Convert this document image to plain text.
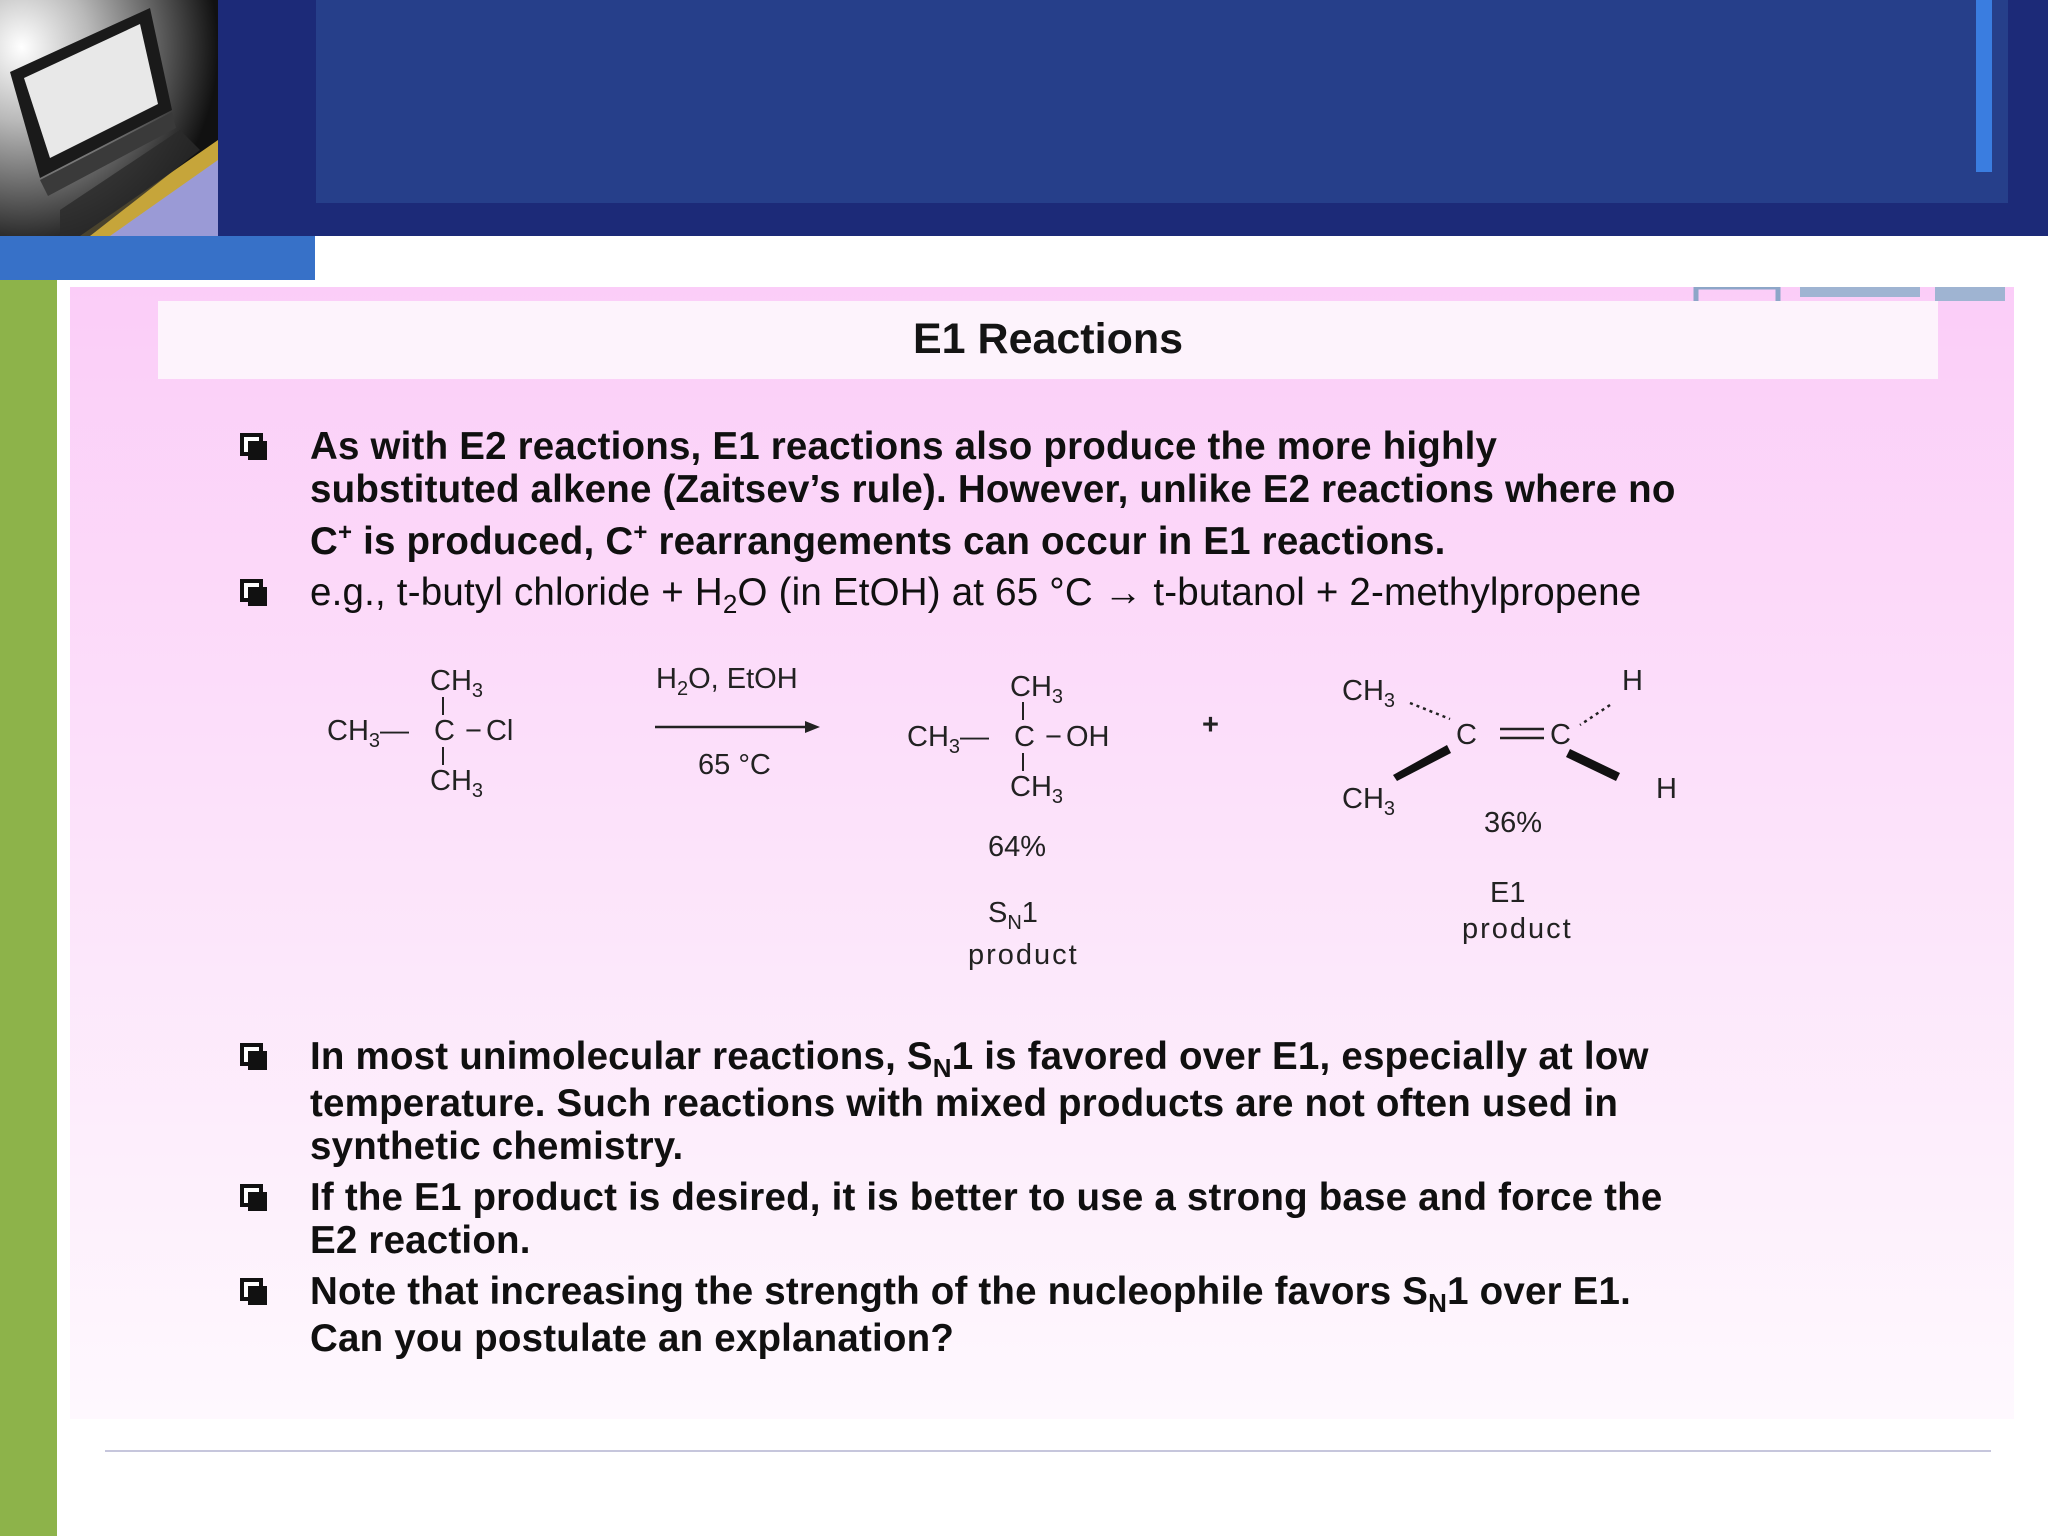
E1 Reactions
As with E2 reactions, E1 reactions also produce the more highly
substituted alkene (Zaitsev’s rule). However, unlike E2 reactions where no
C+ is produced, C+ rearrangements can occur in E1 reactions.
e.g., t-butyl chloride + $H_2O$ (in EtOH) at 65 °C → t-butanol + 2-methylpropene
$CH_3$
$CH_3—$ C − Cl
$CH_3$
$H_2O$, EtOH
65 °C
$CH_3$
$CH_3—$ C − OH
$CH_3$
64%
$S_N1$
product
+
$CH_3$
$CH_3$
C	C
H
H
36%
E1
product
In most unimolecular reactions, $S_N1$ is favored over E1, especially at low
temperature. Such reactions with mixed products are not often used in
synthetic chemistry.
If the E1 product is desired, it is better to use a strong base and force the
E2 reaction.
Note that increasing the strength of the nucleophile favors $S_N1$ over E1.
Can you postulate an explanation?
